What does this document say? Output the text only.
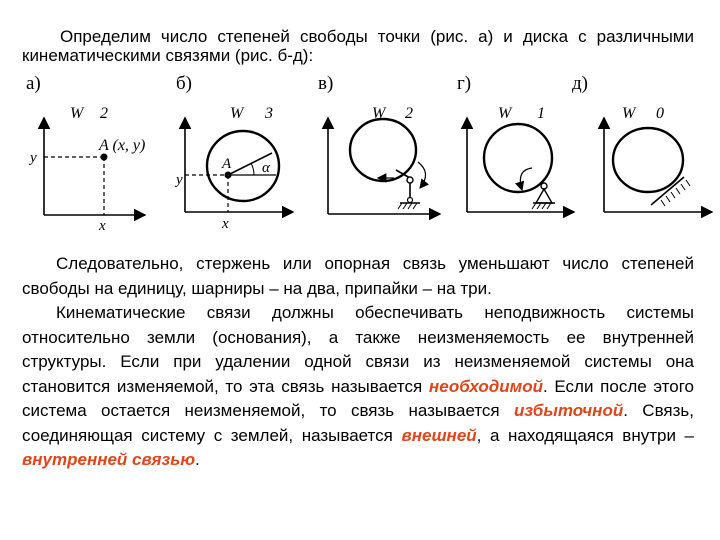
Определим число степеней свободы точки (рис. а) и диска с различными кинематическими связями (рис. б-д):

а)	б)	в)	г)	д)
W 2
A (x, y)
y
x
W 3
A α
y
x
W 2	W 1	W 0

Следовательно, стержень или опорная связь уменьшают число степеней свободы на единицу, шарниры – на два, припайки – на три.

Кинематические связи должны обеспечивать неподвижность системы относительно земли (основания), а также неизменяемость ее внутренней структуры. Если при удалении одной связи из неизменяемой системы она становится изменяемой, то эта связь называется необходимой. Если после этого система остается неизменяемой, то связь называется избыточной. Связь, соединяющая систему с землей, называется внешней, а находящаяся внутри – внутренней связью.
